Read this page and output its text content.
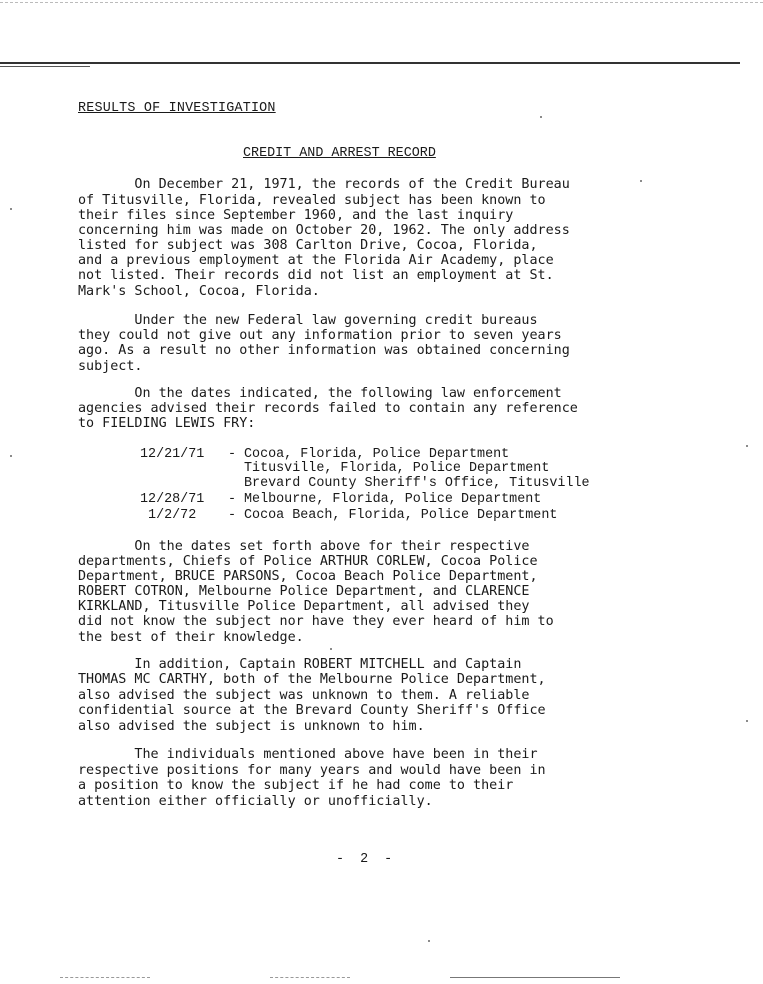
RESULTS OF INVESTIGATION
CREDIT AND ARREST RECORD
On December 21, 1971, the records of the Credit Bureau
of Titusville, Florida, revealed subject has been known to
their files since September 1960, and the last inquiry
concerning him was made on October 20, 1962. The only address
listed for subject was 308 Carlton Drive, Cocoa, Florida,
and a previous employment at the Florida Air Academy, place
not listed. Their records did not list an employment at St.
Mark's School, Cocoa, Florida.
Under the new Federal law governing credit bureaus
they could not give out any information prior to seven years
ago. As a result no other information was obtained concerning
subject.
On the dates indicated, the following law enforcement
agencies advised their records failed to contain any reference
to FIELDING LEWIS FRY:
12/21/71 - Cocoa, Florida, Police Department
Titusville, Florida, Police Department
Brevard County Sheriff's Office, Titusville
12/28/71 - Melbourne, Florida, Police Department
1/2/72 - Cocoa Beach, Florida, Police Department
On the dates set forth above for their respective
departments, Chiefs of Police ARTHUR CORLEW, Cocoa Police
Department, BRUCE PARSONS, Cocoa Beach Police Department,
ROBERT COTRON, Melbourne Police Department, and CLARENCE
KIRKLAND, Titusville Police Department, all advised they
did not know the subject nor have they ever heard of him to
the best of their knowledge.
In addition, Captain ROBERT MITCHELL and Captain
THOMAS MC CARTHY, both of the Melbourne Police Department,
also advised the subject was unknown to them. A reliable
confidential source at the Brevard County Sheriff's Office
also advised the subject is unknown to him.
The individuals mentioned above have been in their
respective positions for many years and would have been in
a position to know the subject if he had come to their
attention either officially or unofficially.
- 2 -
